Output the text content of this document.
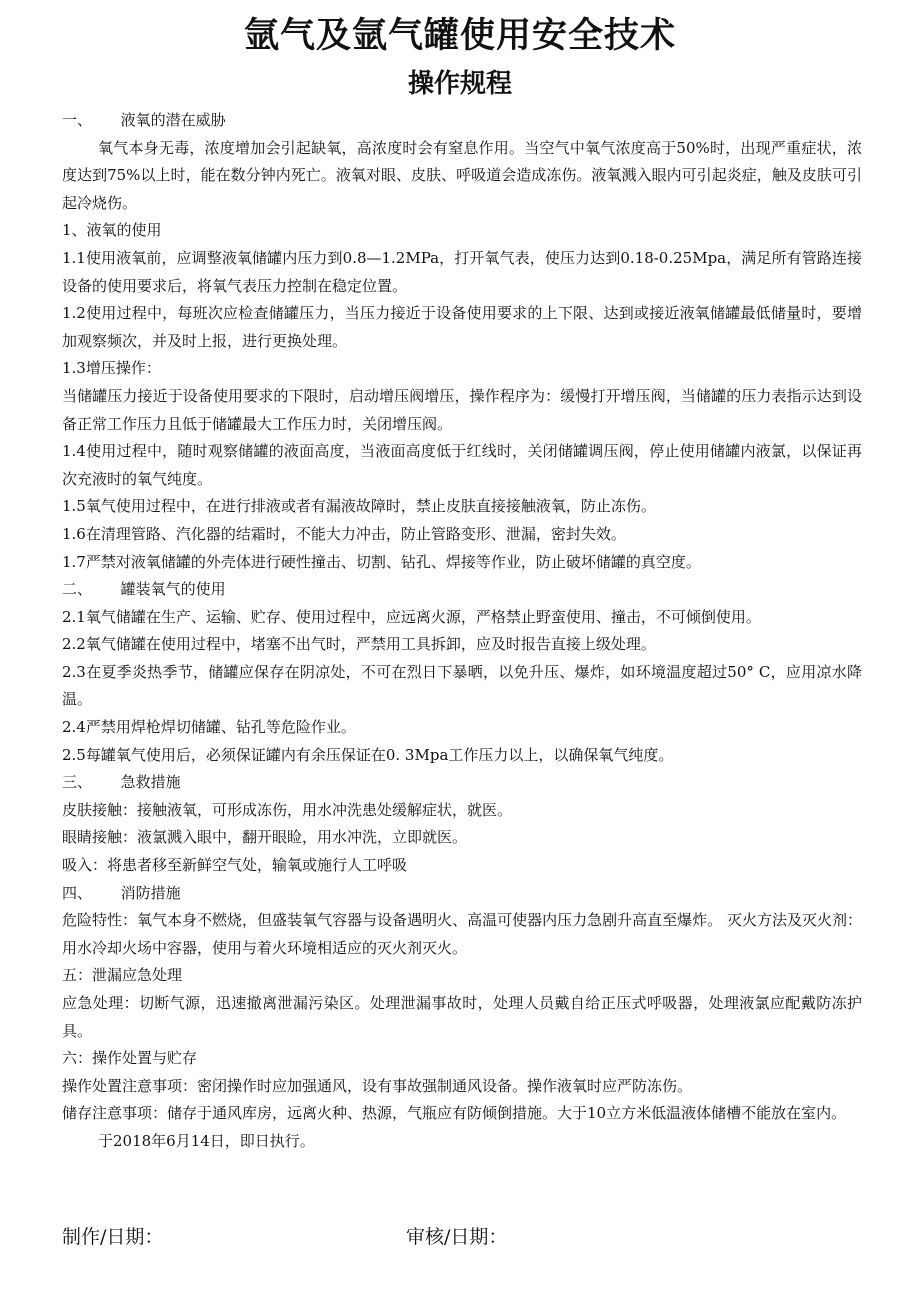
氩气及氩气罐使用安全技术
操作规程

一、      液氧的潜在威胁

氧气本身无毒，浓度增加会引起缺氧，高浓度时会有窒息作用。当空气中氧气浓度高于50%时，出现严重症状，浓度达到75%以上时，能在数分钟内死亡。液氧对眼、皮肤、呼吸道会造成冻伤。液氧溅入眼内可引起炎症，触及皮肤可引起冷烧伤。

1、液氧的使用

1.1使用液氧前，应调整液氧储罐内压力到0.8—1.2MPa，打开氧气表，使压力达到0.18-0.25Mpa，满足所有管路连接设备的使用要求后，将氧气表压力控制在稳定位置。

1.2使用过程中，每班次应检查储罐压力，当压力接近于设备使用要求的上下限、达到或接近液氧储罐最低储量时，要增加观察频次，并及时上报，进行更换处理。

1.3增压操作：

当储罐压力接近于设备使用要求的下限时，启动增压阀增压，操作程序为：缓慢打开增压阀，当储罐的压力表指示达到设备正常工作压力且低于储罐最大工作压力时，关闭增压阀。

1.4使用过程中，随时观察储罐的液面高度，当液面高度低于红线时，关闭储罐调压阀，停止使用储罐内液氯，以保证再次充液时的氧气纯度。

1.5氧气使用过程中，在进行排液或者有漏液故障时，禁止皮肤直接接触液氧，防止冻伤。

1.6在清理管路、汽化器的结霜时，不能大力冲击，防止管路变形、泄漏，密封失效。

1.7严禁对液氧储罐的外壳体进行硬性撞击、切割、钻孔、焊接等作业，防止破坏储罐的真空度。

二、      罐装氧气的使用

2.1氧气储罐在生产、运输、贮存、使用过程中，应远离火源，严格禁止野蛮使用、撞击，不可倾倒使用。

2.2氧气储罐在使用过程中，堵塞不出气时，严禁用工具拆卸，应及时报告直接上级处理。

2.3在夏季炎热季节，储罐应保存在阴凉处，不可在烈日下暴晒，以免升压、爆炸，如环境温度超过50° C，应用凉水降温。

2.4严禁用焊枪焊切储罐、钻孔等危险作业。

2.5每罐氧气使用后，必须保证罐内有余压保证在0. 3Mpa工作压力以上，以确保氧气纯度。

三、      急救措施

皮肤接触：接触液氧，可形成冻伤，用水冲洗患处缓解症状，就医。

眼睛接触：液氯溅入眼中，翻开眼睑，用水冲洗，立即就医。

吸入：将患者移至新鲜空气处，输氧或施行人工呼吸

四、      消防措施

危险特性：氧气本身不燃烧，但盛装氧气容器与设备遇明火、高温可使器内压力急剧升高直至爆炸。 灭火方法及灭火剂：用水冷却火场中容器，使用与着火环境相适应的灭火剂灭火。

五：泄漏应急处理

应急处理：切断气源，迅速撤离泄漏污染区。处理泄漏事故时，处理人员戴自给正压式呼吸器，处理液氯应配戴防冻护具。

六：操作处置与贮存

操作处置注意事项：密闭操作时应加强通风，设有事故强制通风设备。操作液氧时应严防冻伤。

储存注意事项：储存于通风库房，远离火种、热源，气瓶应有防倾倒措施。大于10立方米低温液体储槽不能放在室内。

于2018年6月14日，即日执行。

制作/日期：	审核/日期：
